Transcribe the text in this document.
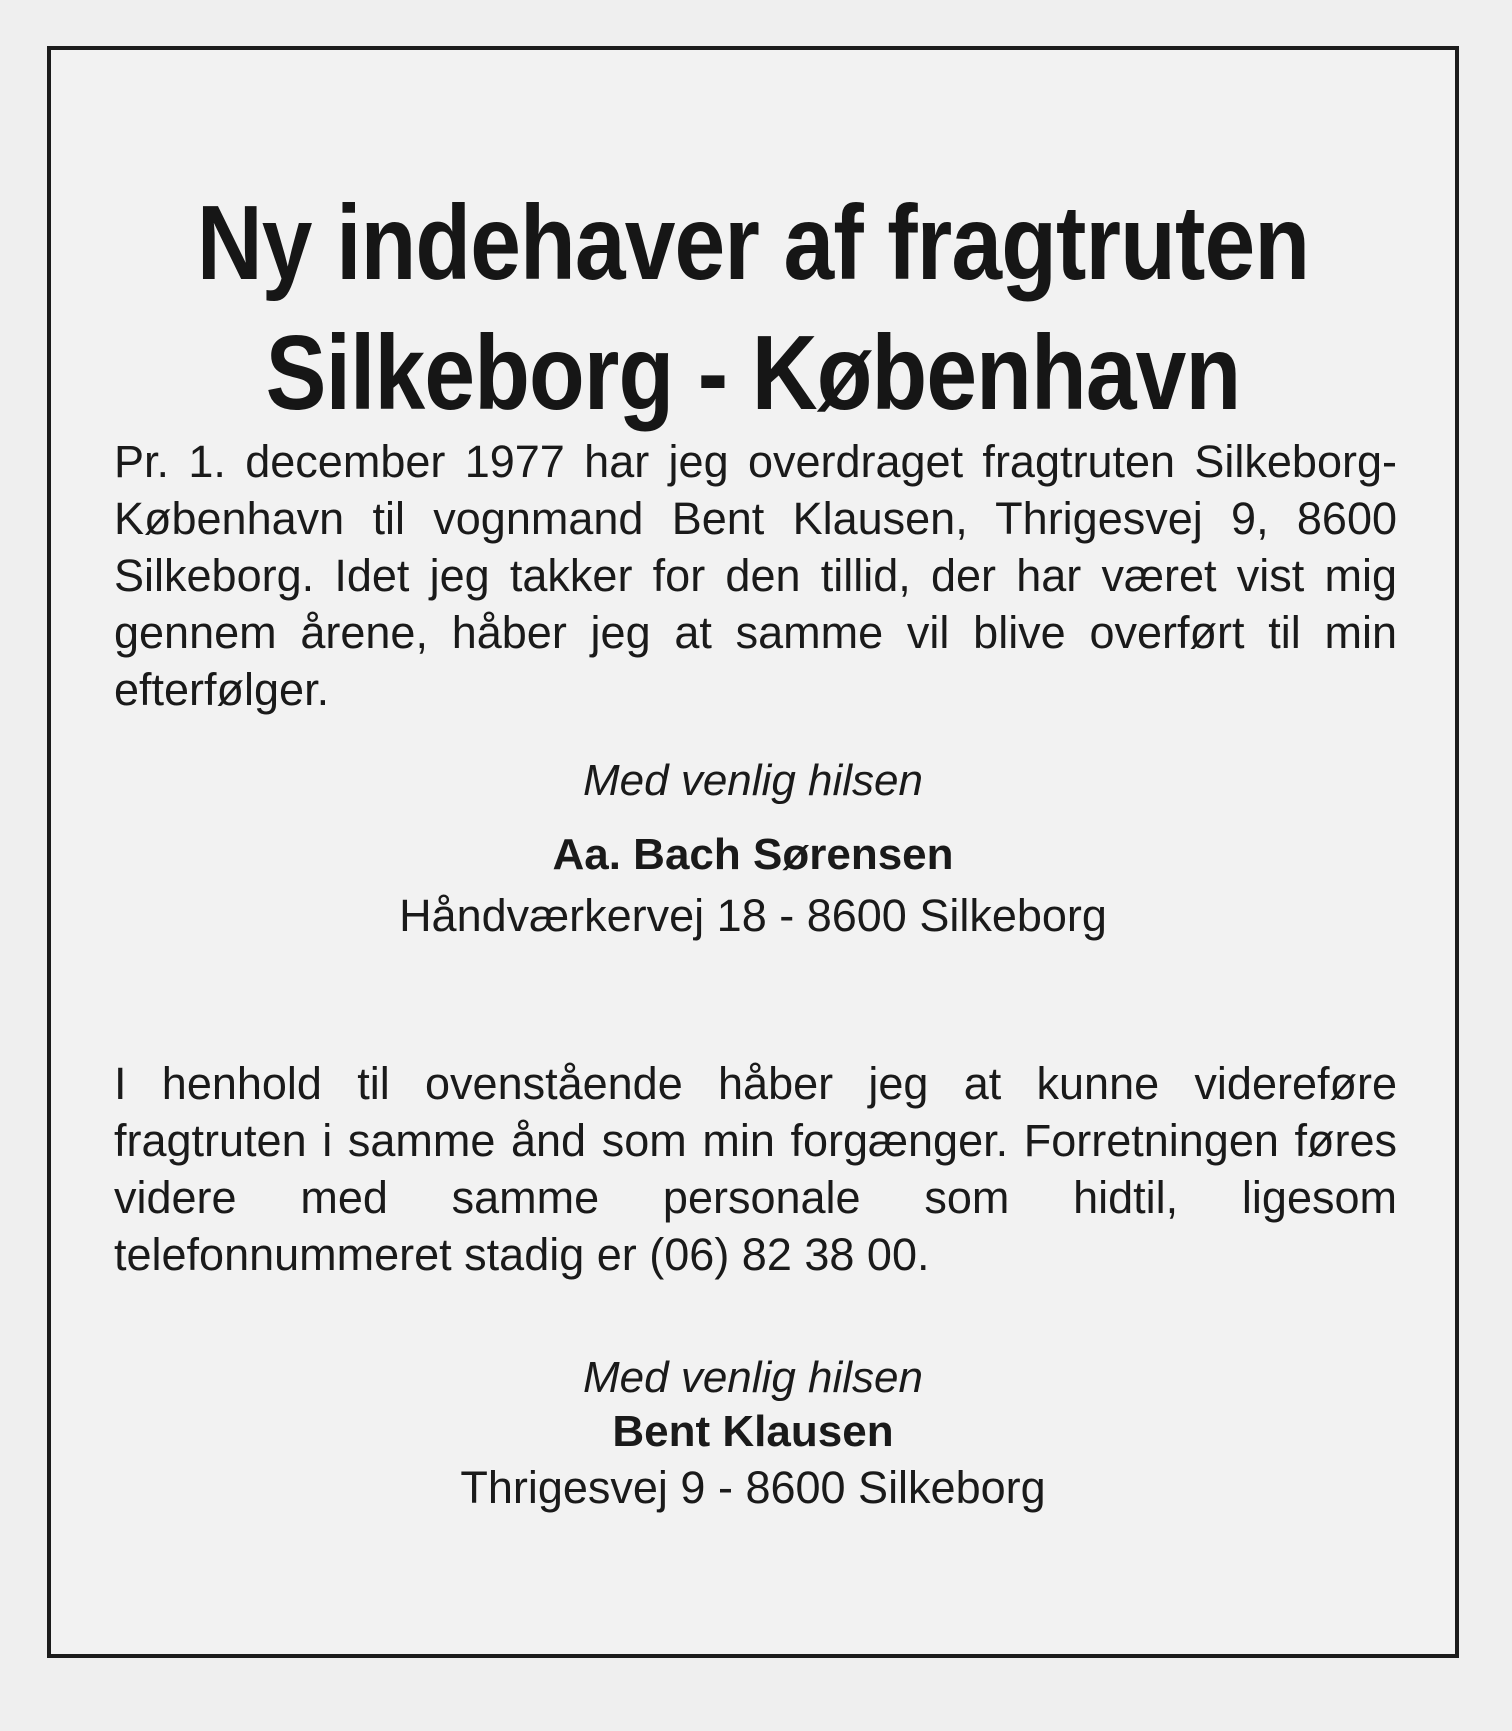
Ny indehaver af fragtruten
Silkeborg - København
Pr. 1. december 1977 har jeg overdraget fragtruten Silkeborg-København til vognmand Bent Klausen, Thrigesvej 9, 8600 Silkeborg. Idet jeg takker for den tillid, der har været vist mig gennem årene, håber jeg at samme vil blive overført til min efterfølger.
Med venlig hilsen
Aa. Bach Sørensen
Håndværkervej 18 - 8600 Silkeborg
I henhold til ovenstående håber jeg at kunne videreføre fragtruten i samme ånd som min forgænger. Forretningen føres videre med samme personale som hidtil, ligesom telefonnummeret stadig er (06) 82 38 00.
Med venlig hilsen
Bent Klausen
Thrigesvej 9 - 8600 Silkeborg
